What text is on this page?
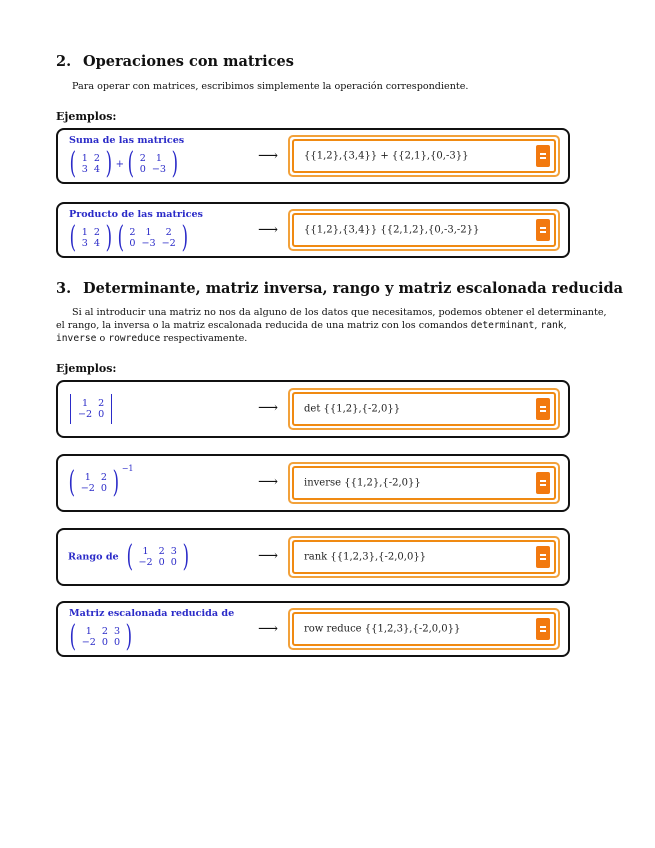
2. Operaciones con matrices
Para operar con matrices, escribimos simplemente la operación correspondiente.
Ejemplos:
Suma de las matrices
( 1	2
3	4 ) + ( 2	1
0	−3 )	⟶	{{1,2},{3,4}} + {{2,1},{0,-3}}
Producto de las matrices
( 1	2
3	4 ) ( 2	1	2
0	−3	−2 )	⟶	{{1,2},{3,4}} {{2,1,2},{0,-3,-2}}
3. Determinante, matriz inversa, rango y matriz escalonada reducida
Si al introducir una matriz no nos da alguno de los datos que necesitamos, podemos obtener el determinante,
el rango, la inversa o la matriz escalonada reducida de una matriz con los comandos determinant, rank,
inverse o rowreduce respectivamente.
Ejemplos:
1	2
−2	0	⟶	det {{1,2},{-2,0}}
( 1	2
−2	0 ) $^{-1}$
⟶	inverse {{1,2},{-2,0}}
Rango de ( 1	2	3
−2	0	0 )	⟶	rank {{1,2,3},{-2,0,0}}
Matriz escalonada reducida de
( 1	2	3
−2	0	0 )	⟶	row reduce {{1,2,3},{-2,0,0}}
